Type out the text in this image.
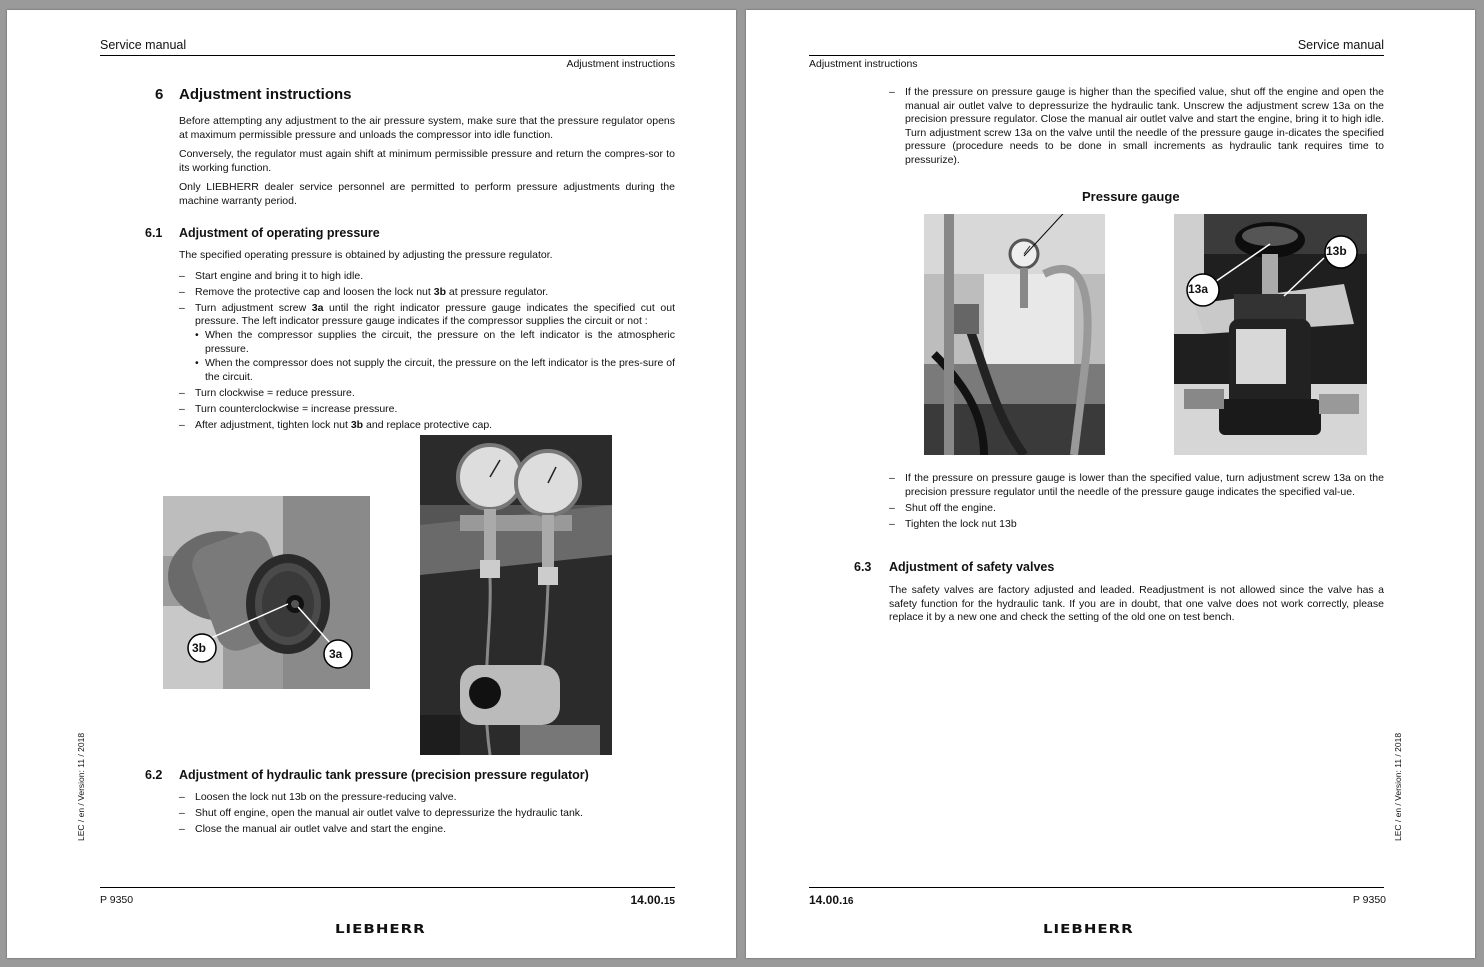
Service manual
Adjustment instructions
6 Adjustment instructions

Before attempting any adjustment to the air pressure system, make sure that the pressure regulator opens at maximum permissible pressure and unloads the compressor into idle function.

Conversely, the regulator must again shift at minimum permissible pressure and return the compres-sor to its working function.

Only LIEBHERR dealer service personnel are permitted to perform pressure adjustments during the machine warranty period.

6.1 Adjustment of operating pressure

The specified operating pressure is obtained by adjusting the pressure regulator.

– Start engine and bring it to high idle.
– Remove the protective cap and loosen the lock nut 3b at pressure regulator.
– Turn adjustment screw 3a until the right indicator pressure gauge indicates the specified cut out pressure. The left indicator pressure gauge indicates if the compressor supplies the circuit or not :
• When the compressor supplies the circuit, the pressure on the left indicator is the atmospheric pressure.
• When the compressor does not supply the circuit, the pressure on the left indicator is the pres-sure of the circuit.
– Turn clockwise = reduce pressure.
– Turn counterclockwise = increase pressure.
– After adjustment, tighten lock nut 3b and replace protective cap.
3b	3a
6.2 Adjustment of hydraulic tank pressure (precision pressure regulator)
– Loosen the lock nut 13b on the pressure-reducing valve.
– Shut off engine, open the manual air outlet valve to depressurize the hydraulic tank.
– Close the manual air outlet valve and start the engine.
LEC / en / Version: 11 / 2018
P 9350	14.00.15
LIEBHERR
Service manual
Adjustment instructions
– If the pressure on pressure gauge is higher than the specified value, shut off the engine and open the manual air outlet valve to depressurize the hydraulic tank. Unscrew the adjustment screw 13a on the precision pressure regulator. Close the manual air outlet valve and start the engine, bring it to high idle. Turn adjustment screw 13a on the valve until the needle of the pressure gauge in-dicates the specified pressure (procedure needs to be done in small increments as hydraulic tank requires time to pressurize).
Pressure gauge
13b
13a
– If the pressure on pressure gauge is lower than the specified value, turn adjustment screw 13a on the precision pressure regulator until the needle of the pressure gauge indicates the specified val-ue.
– Shut off the engine.
– Tighten the lock nut 13b
6.3 Adjustment of safety valves

The safety valves are factory adjusted and leaded. Readjustment is not allowed since the valve has a safety function for the hydraulic tank. If you are in doubt, that one valve does not work correctly, please replace it by a new one and check the setting of the old one on test bench.

LEC / en / Version: 11 / 2018
14.00.16	P 9350
LIEBHERR
